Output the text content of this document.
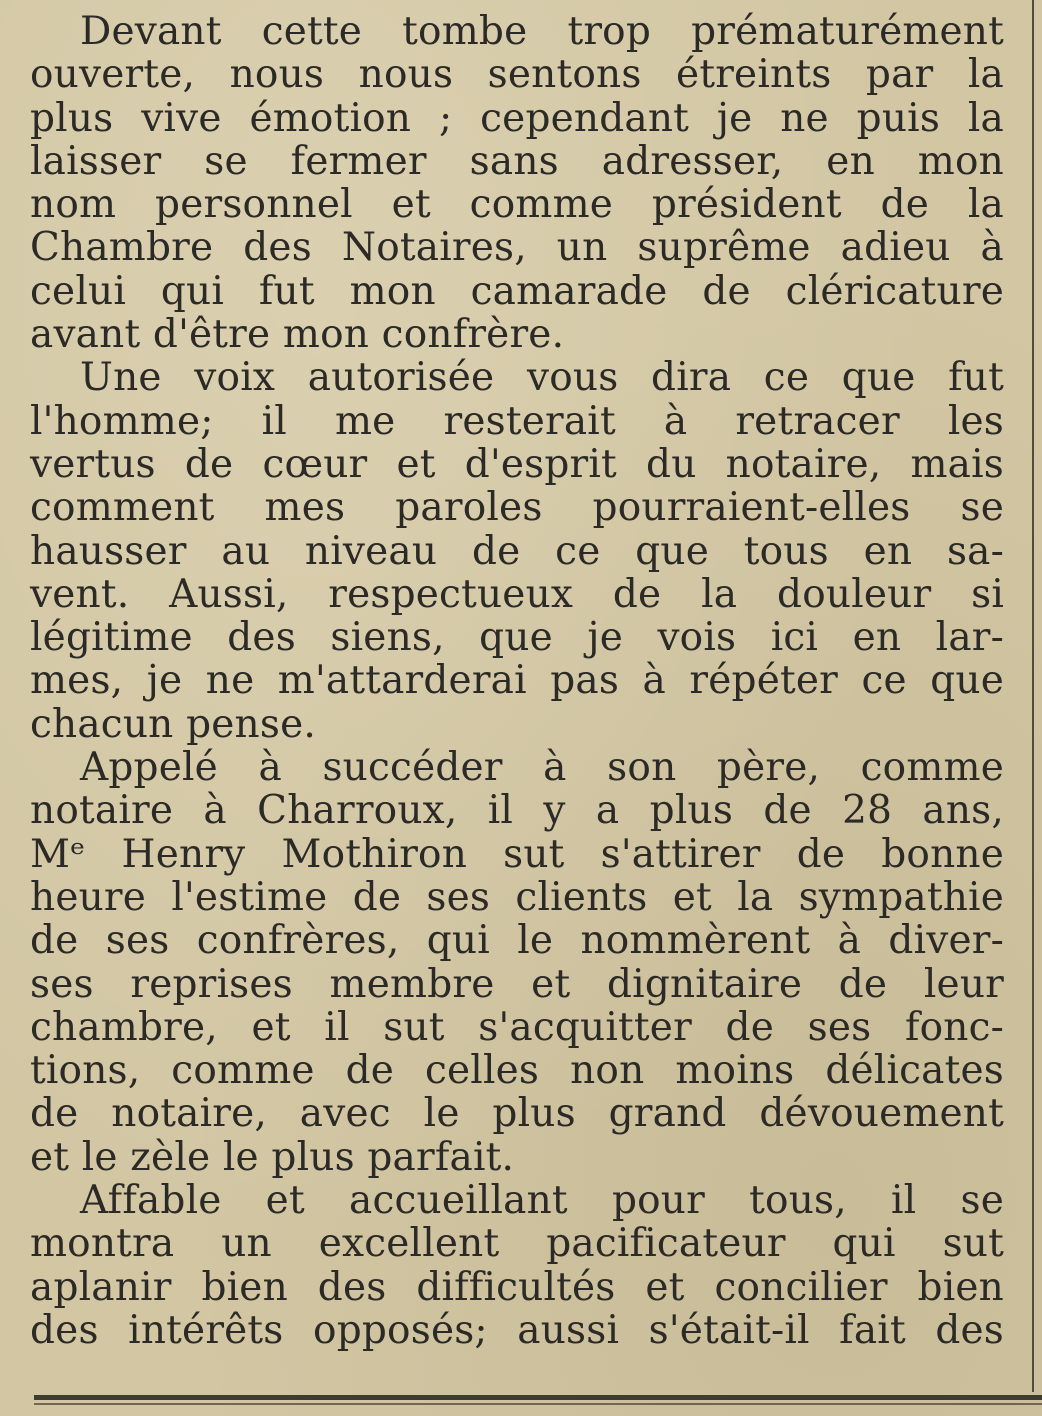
Devant cette tombe trop prématurément
ouverte, nous nous sentons étreints par la
plus vive émotion ; cependant je ne puis la
laisser se fermer sans adresser, en mon
nom personnel et comme président de la
Chambre des Notaires, un suprême adieu à
celui qui fut mon camarade de cléricature
avant d'être mon confrère.
Une voix autorisée vous dira ce que fut
l'homme; il me resterait à retracer les
vertus de cœur et d'esprit du notaire, mais
comment mes paroles pourraient-elles se
hausser au niveau de ce que tous en sa-
vent. Aussi, respectueux de la douleur si
légitime des siens, que je vois ici en lar-
mes, je ne m'attarderai pas à répéter ce que
chacun pense.
Appelé à succéder à son père, comme
notaire à Charroux, il y a plus de 28 ans,
Mᵉ Henry Mothiron sut s'attirer de bonne
heure l'estime de ses clients et la sympathie
de ses confrères, qui le nommèrent à diver-
ses reprises membre et dignitaire de leur
chambre, et il sut s'acquitter de ses fonc-
tions, comme de celles non moins délicates
de notaire, avec le plus grand dévouement
et le zèle le plus parfait.
Affable et accueillant pour tous, il se
montra un excellent pacificateur qui sut
aplanir bien des difficultés et concilier bien
des intérêts opposés; aussi s'était-il fait des
